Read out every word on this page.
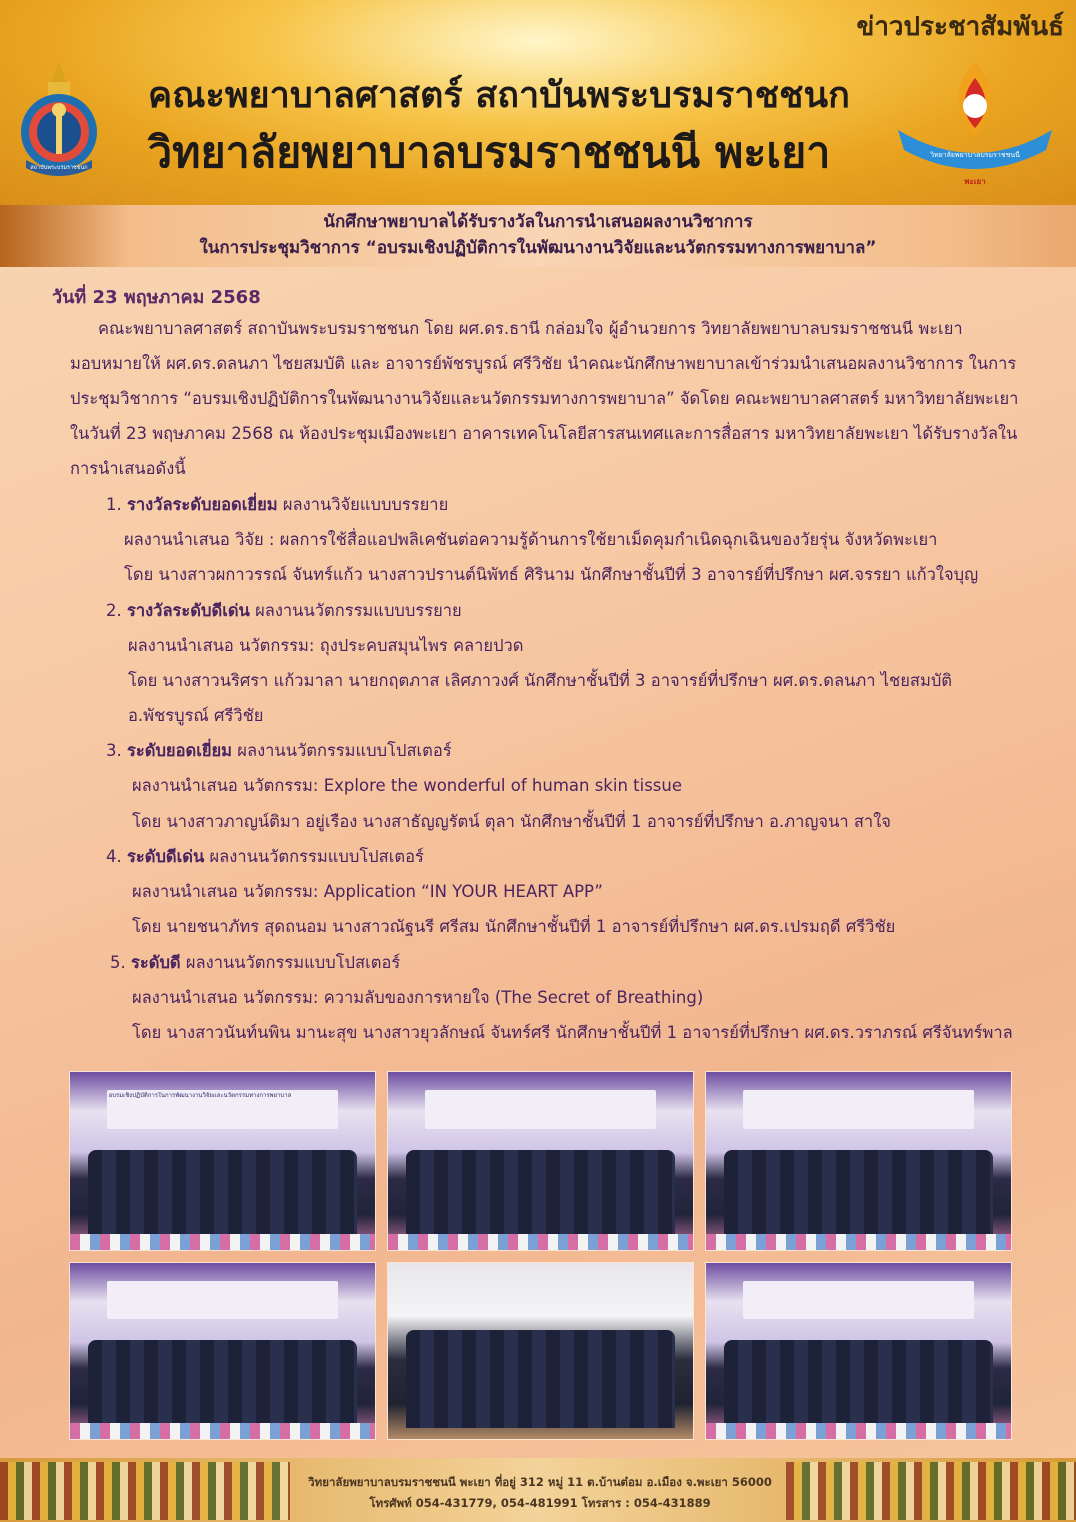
ข่าวประชาสัมพันธ์
สถาบันพระบรมราชชนก
คณะพยาบาลศาสตร์ สถาบันพระบรมราชชนก
วิทยาลัยพยาบาลบรมราชชนนี พะเยา	วิทยาลัยพยาบาลบรมราชชนนี
พะเยา
นักศึกษาพยาบาลได้รับรางวัลในการนำเสนอผลงานวิชาการ
ในการประชุมวิชาการ “อบรมเชิงปฏิบัติการในพัฒนางานวิจัยและนวัตกรรมทางการพยาบาล”
วันที่ 23 พฤษภาคม 2568
คณะพยาบาลศาสตร์ สถาบันพระบรมราชชนก โดย ผศ.ดร.ธานี กล่อมใจ ผู้อำนวยการ วิทยาลัยพยาบาลบรมราชชนนี พะเยา
มอบหมายให้ ผศ.ดร.ดลนภา ไชยสมบัติ และ อาจารย์พัชรบูรณ์ ศรีวิชัย นำคณะนักศึกษาพยาบาลเข้าร่วมนำเสนอผลงานวิชาการ ในการ
ประชุมวิชาการ “อบรมเชิงปฏิบัติการในพัฒนางานวิจัยและนวัตกรรมทางการพยาบาล” จัดโดย คณะพยาบาลศาสตร์ มหาวิทยาลัยพะเยา
ในวันที่ 23 พฤษภาคม 2568 ณ ห้องประชุมเมืองพะเยา อาคารเทคโนโลยีสารสนเทศและการสื่อสาร มหาวิทยาลัยพะเยา ได้รับรางวัลใน
การนำเสนอดังนี้
1. รางวัลระดับยอดเยี่ยม ผลงานวิจัยแบบบรรยาย
ผลงานนำเสนอ วิจัย : ผลการใช้สื่อแอปพลิเคชันต่อความรู้ด้านการใช้ยาเม็ดคุมกำเนิดฉุกเฉินของวัยรุ่น จังหวัดพะเยา
โดย นางสาวผกาวรรณ์ จันทร์แก้ว นางสาวปรานต์นิพัทธ์ ศิรินาม นักศึกษาชั้นปีที่ 3 อาจารย์ที่ปรึกษา ผศ.จรรยา แก้วใจบุญ
2. รางวัลระดับดีเด่น ผลงานนวัตกรรมแบบบรรยาย
ผลงานนำเสนอ นวัตกรรม: ถุงประคบสมุนไพร คลายปวด
โดย นางสาวนริศรา แก้วมาลา นายกฤตภาส เลิศภาวงศ์ นักศึกษาชั้นปีที่ 3 อาจารย์ที่ปรึกษา ผศ.ดร.ดลนภา ไชยสมบัติ
อ.พัชรบูรณ์ ศรีวิชัย
3. ระดับยอดเยี่ยม ผลงานนวัตกรรมแบบโปสเตอร์
ผลงานนำเสนอ นวัตกรรม: Explore the wonderful of human skin tissue
โดย นางสาวภาญน์ติมา อยู่เรือง นางสาธัญญรัตน์ ตุลา นักศึกษาชั้นปีที่ 1 อาจารย์ที่ปรึกษา อ.ภาญจนา สาใจ
4. ระดับดีเด่น ผลงานนวัตกรรมแบบโปสเตอร์
ผลงานนำเสนอ นวัตกรรม: Application “IN YOUR HEART APP”
โดย นายชนาภัทร สุดถนอม นางสาวณัฐนรี ศรีสม นักศึกษาชั้นปีที่ 1 อาจารย์ที่ปรึกษา ผศ.ดร.เปรมฤดี ศรีวิชัย
5. ระดับดี ผลงานนวัตกรรมแบบโปสเตอร์
ผลงานนำเสนอ นวัตกรรม: ความลับของการหายใจ (The Secret of Breathing)
โดย นางสาวนันท์นพิน มานะสุข นางสาวยุวลักษณ์ จันทร์ศรี นักศึกษาชั้นปีที่ 1 อาจารย์ที่ปรึกษา ผศ.ดร.วราภรณ์ ศรีจันทร์พาล
อบรมเชิงปฏิบัติการในการพัฒนางานวิจัยและนวัตกรรมทางการพยาบาล
วิทยาลัยพยาบาลบรมราชชนนี พะเยา ที่อยู่ 312 หมู่ 11 ต.บ้านต๋อม อ.เมือง จ.พะเยา 56000
โทรศัพท์ 054-431779, 054-481991 โทรสาร : 054-431889
